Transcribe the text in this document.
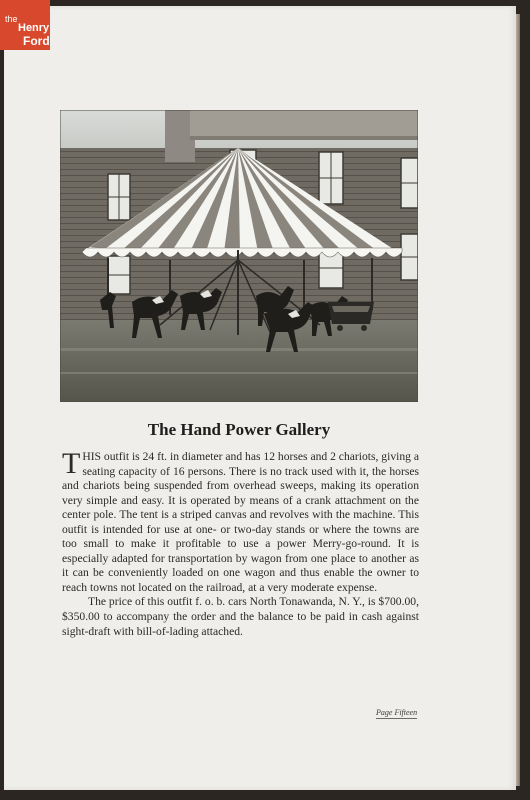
the
Henry
Ford
The Hand Power Gallery

THIS outfit is 24 ft. in diameter and has 12 horses and 2 chariots, giving a seating capacity of 16 persons. There is no track used with it, the horses and chariots being suspended from overhead sweeps, making its operation very simple and easy. It is operated by means of a crank attachment on the center pole. The tent is a striped canvas and revolves with the machine. This outfit is intended for use at one- or two-day stands or where the towns are too small to make it profitable to use a power Merry-go-round. It is especially adapted for transportation by wagon from one place to another as it can be conveniently loaded on one wagon and thus enable the owner to reach towns not located on the railroad, at a very moderate expense.

The price of this outfit f. o. b. cars North Tonawanda, N. Y., is $700.00, $350.00 to accompany the order and the balance to be paid in cash against sight-draft with bill-of-lading attached.

Page Fifteen
